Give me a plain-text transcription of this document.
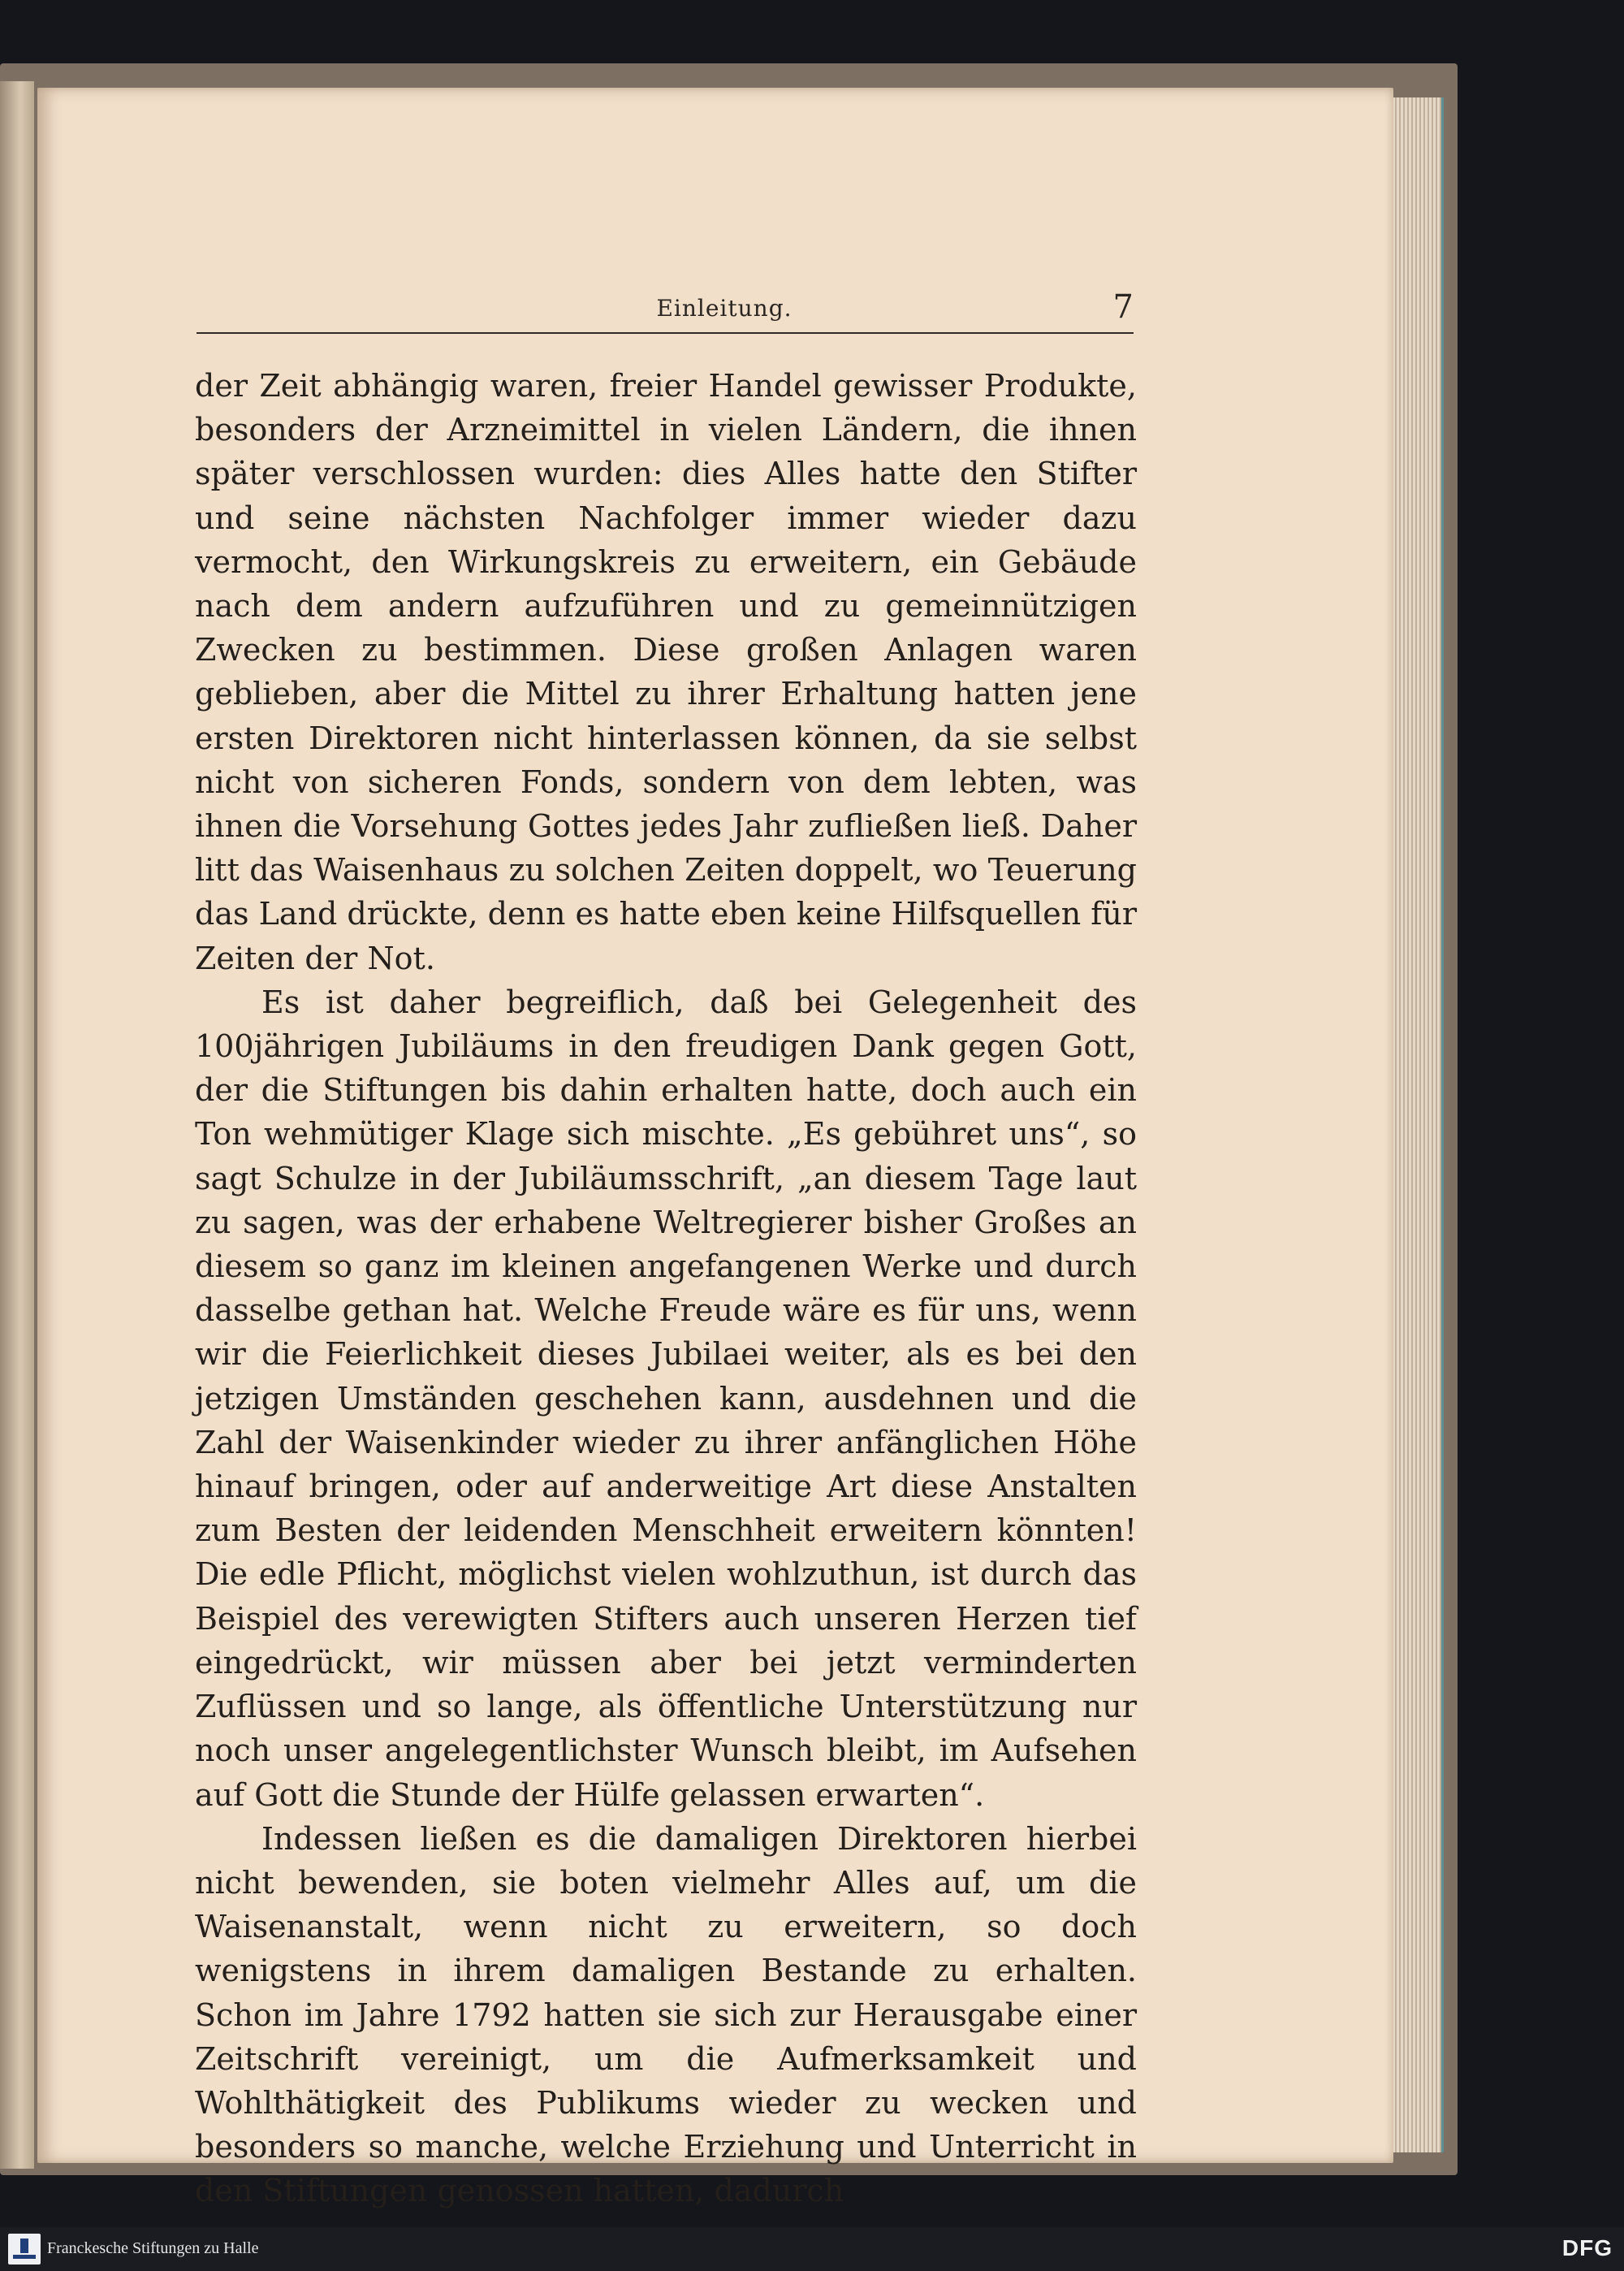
Einleitung.	7

der Zeit abhängig waren, freier Handel gewisser Produkte, besonders der Arzneimittel in vielen Ländern, die ihnen später verschlossen wurden: dies Alles hatte den Stifter und seine nächsten Nachfolger immer wieder dazu vermocht, den Wirkungskreis zu erweitern, ein Gebäude nach dem andern aufzuführen und zu gemeinnützigen Zwecken zu bestimmen. Diese großen Anlagen waren geblieben, aber die Mittel zu ihrer Erhaltung hatten jene ersten Direktoren nicht hinterlassen können, da sie selbst nicht von sicheren Fonds, sondern von dem lebten, was ihnen die Vorsehung Gottes jedes Jahr zufließen ließ. Daher litt das Waisenhaus zu solchen Zeiten doppelt, wo Teuerung das Land drückte, denn es hatte eben keine Hilfsquellen für Zeiten der Not.

Es ist daher begreiflich, daß bei Gelegenheit des 100jährigen Jubiläums in den freudigen Dank gegen Gott, der die Stiftungen bis dahin erhalten hatte, doch auch ein Ton wehmütiger Klage sich mischte. „Es gebühret uns“, so sagt Schulze in der Jubiläumsschrift, „an diesem Tage laut zu sagen, was der erhabene Weltregierer bisher Großes an diesem so ganz im kleinen angefangenen Werke und durch dasselbe gethan hat. Welche Freude wäre es für uns, wenn wir die Feierlichkeit dieses Jubilaei weiter, als es bei den jetzigen Umständen geschehen kann, ausdehnen und die Zahl der Waisenkinder wieder zu ihrer anfänglichen Höhe hinauf bringen, oder auf anderweitige Art diese Anstalten zum Besten der leidenden Menschheit erweitern könnten! Die edle Pflicht, möglichst vielen wohlzuthun, ist durch das Beispiel des verewigten Stifters auch unseren Herzen tief eingedrückt, wir müssen aber bei jetzt verminderten Zuflüssen und so lange, als öffentliche Unterstützung nur noch unser angelegentlichster Wunsch bleibt, im Aufsehen auf Gott die Stunde der Hülfe gelassen erwarten“.

Indessen ließen es die damaligen Direktoren hierbei nicht bewenden, sie boten vielmehr Alles auf, um die Waisenanstalt, wenn nicht zu erweitern, so doch wenigstens in ihrem damaligen Bestande zu erhalten. Schon im Jahre 1792 hatten sie sich zur Herausgabe einer Zeitschrift vereinigt, um die Aufmerksamkeit und Wohlthätigkeit des Publikums wieder zu wecken und besonders so manche, welche Erziehung und Unterricht in den Stiftungen genossen hatten, dadurch

Franckesche Stiftungen zu Halle	DFG
